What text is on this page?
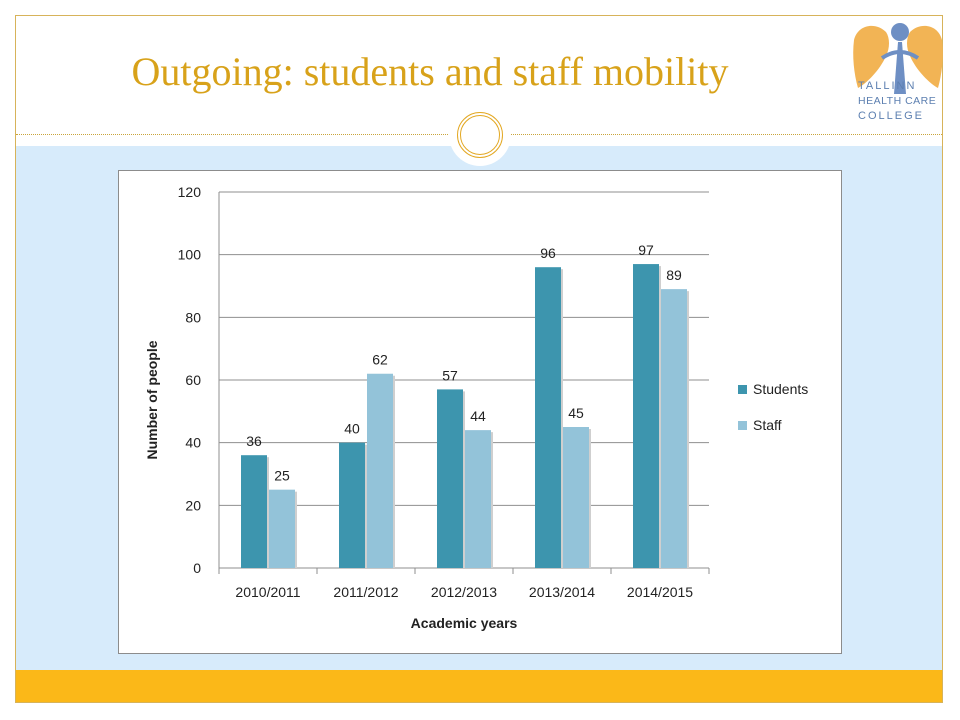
Outgoing: students and staff mobility	TALLINN
HEALTH CARE
COLLEGE
0
20
40
60
80
100
120
36
25
2010/2011
40
62
2011/2012
57
44
2012/2013
96
45
2013/2014
97
89
2014/2015
Academic years
Number of people	Students
Staff
